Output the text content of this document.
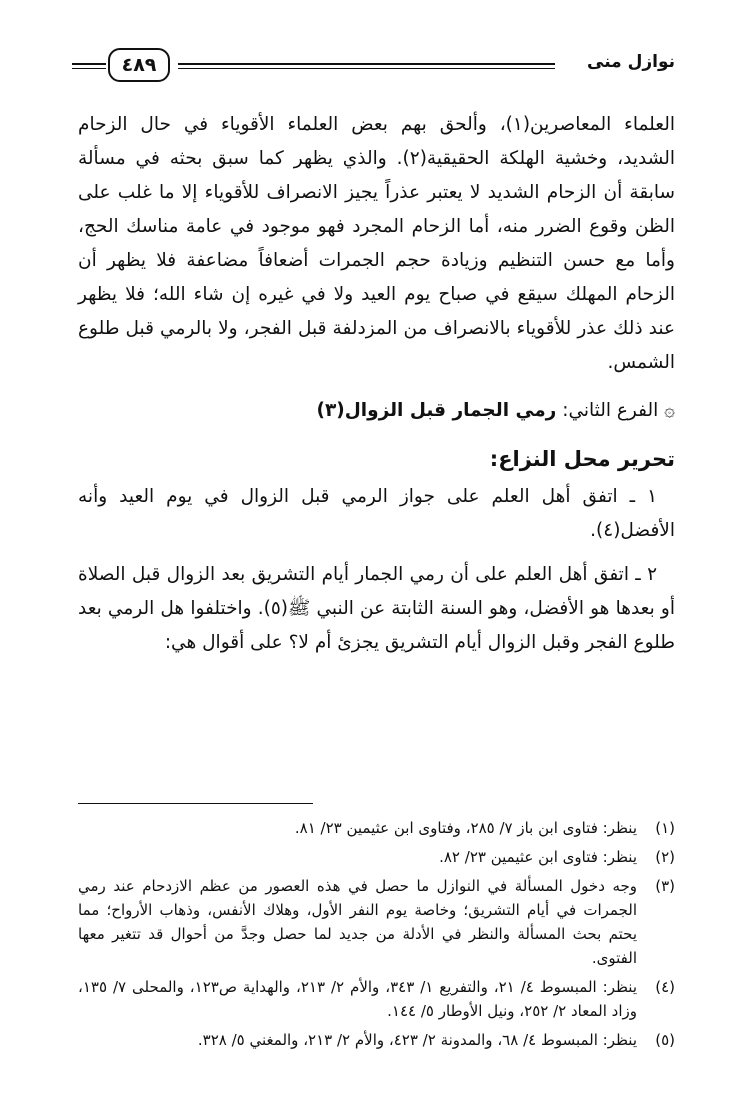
نوازل منى
٤٨٩

العلماء المعاصرين(١)، وألحق بهم بعض العلماء الأقوياء في حال الزحام الشديد، وخشية الهلكة الحقيقية(٢). والذي يظهر كما سبق بحثه في مسألة سابقة أن الزحام الشديد لا يعتبر عذراً يجيز الانصراف للأقوياء إلا ما غلب على الظن وقوع الضرر منه، أما الزحام المجرد فهو موجود في عامة مناسك الحج، وأما مع حسن التنظيم وزيادة حجم الجمرات أضعافاً مضاعفة فلا يظهر أن الزحام المهلك سيقع في صباح يوم العيد ولا في غيره إن شاء الله؛ فلا يظهر عند ذلك عذر للأقوياء بالانصراف من المزدلفة قبل الفجر، ولا بالرمي قبل طلوع الشمس.

۞ الفرع الثاني: رمي الجمار قبل الزوال(٣)
تحرير محل النزاع:

١ ـ اتفق أهل العلم على جواز الرمي قبل الزوال في يوم العيد وأنه الأفضل(٤).

٢ ـ اتفق أهل العلم على أن رمي الجمار أيام التشريق بعد الزوال قبل الصلاة أو بعدها هو الأفضل، وهو السنة الثابتة عن النبي ﷺ(٥). واختلفوا هل الرمي بعد طلوع الفجر وقبل الزوال أيام التشريق يجزئ أم لا؟ على أقوال هي:

(١)
ينظر: فتاوى ابن باز ٧/ ٢٨٥، وفتاوى ابن عثيمين ٢٣/ ٨١.
(٢)
ينظر: فتاوى ابن عثيمين ٢٣/ ٨٢.
(٣)
وجه دخول المسألة في النوازل ما حصل في هذه العصور من عظم الازدحام عند رمي الجمرات في أيام التشريق؛ وخاصة يوم النفر الأول، وهلاك الأنفس، وذهاب الأرواح؛ مما يحتم بحث المسألة والنظر في الأدلة من جديد لما حصل وجدَّ من أحوال قد تتغير معها الفتوى.
(٤)
ينظر: المبسوط ٤/ ٢١، والتفريع ١/ ٣٤٣، والأم ٢/ ٢١٣، والهداية ص١٢٣، والمحلى ٧/ ١٣٥، وزاد المعاد ٢/ ٢٥٢، ونيل الأوطار ٥/ ١٤٤.
(٥)
ينظر: المبسوط ٤/ ٦٨، والمدونة ٢/ ٤٢٣، والأم ٢/ ٢١٣، والمغني ٥/ ٣٢٨.
